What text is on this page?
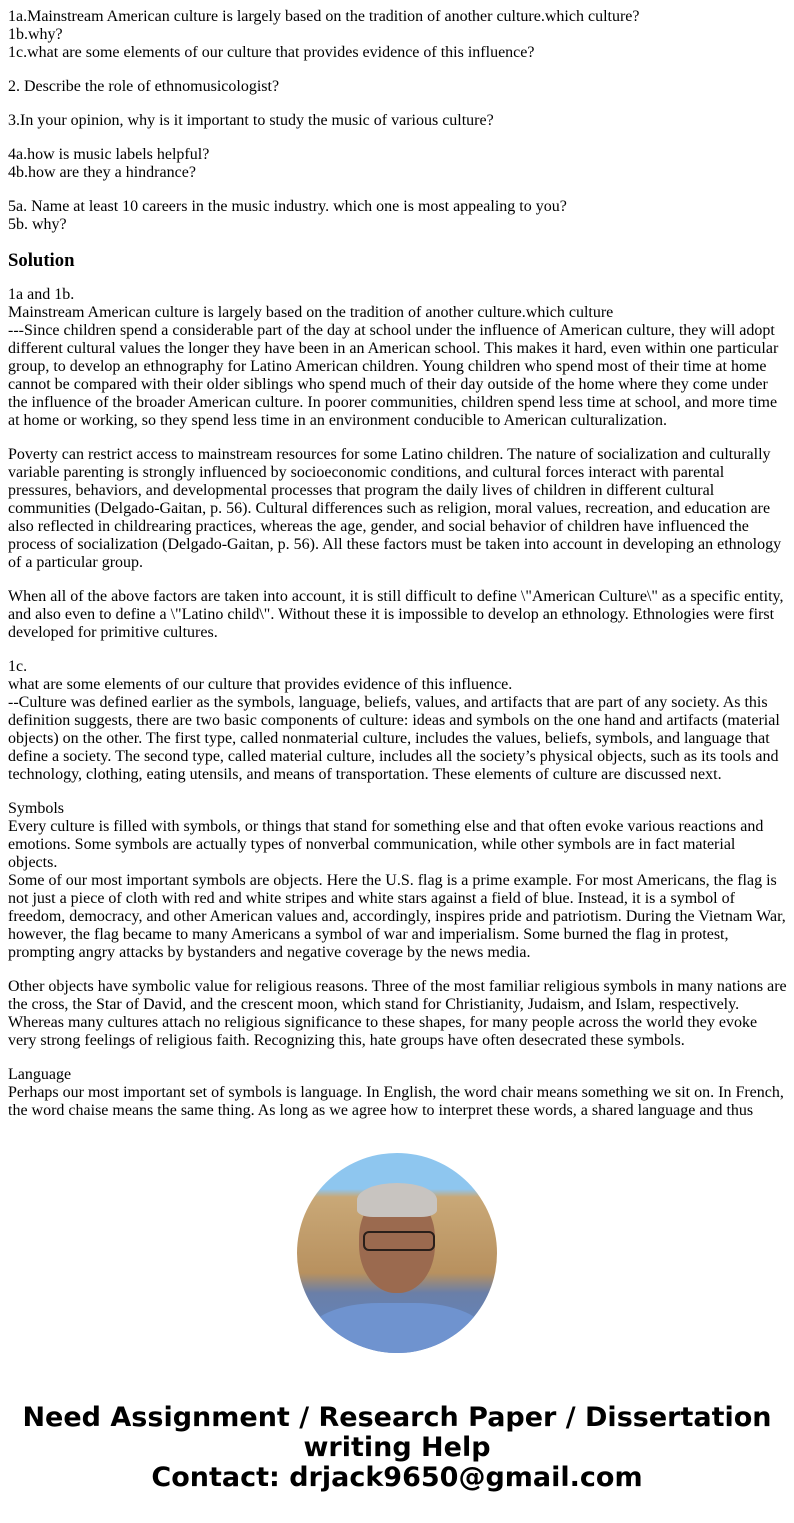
1a.Mainstream American culture is largely based on the tradition of another culture.which culture?
1b.why?
1c.what are some elements of our culture that provides evidence of this influence?

2. Describe the role of ethnomusicologist?

3.In your opinion, why is it important to study the music of various culture?

4a.how is music labels helpful?
4b.how are they a hindrance?

5a. Name at least 10 careers in the music industry. which one is most appealing to you?
5b. why?

Solution

1a and 1b.
Mainstream American culture is largely based on the tradition of another culture.which culture
---Since children spend a considerable part of the day at school under the influence of American culture, they will adopt different cultural values the longer they have been in an American school. This makes it hard, even within one particular group, to develop an ethnography for Latino American children. Young children who spend most of their time at home cannot be compared with their older siblings who spend much of their day outside of the home where they come under the influence of the broader American culture. In poorer communities, children spend less time at school, and more time at home or working, so they spend less time in an environment conducible to American culturalization.

Poverty can restrict access to mainstream resources for some Latino children. The nature of socialization and culturally variable parenting is strongly influenced by socioeconomic conditions, and cultural forces interact with parental pressures, behaviors, and developmental processes that program the daily lives of children in different cultural communities (Delgado-Gaitan, p. 56). Cultural differences such as religion, moral values, recreation, and education are also reflected in childrearing practices, whereas the age, gender, and social behavior of children have influenced the process of socialization (Delgado-Gaitan, p. 56). All these factors must be taken into account in developing an ethnology of a particular group.

When all of the above factors are taken into account, it is still difficult to define \"American Culture\" as a specific entity, and also even to define a \"Latino child\". Without these it is impossible to develop an ethnology. Ethnologies were first developed for primitive cultures.

1c.
what are some elements of our culture that provides evidence of this influence.
--Culture was defined earlier as the symbols, language, beliefs, values, and artifacts that are part of any society. As this definition suggests, there are two basic components of culture: ideas and symbols on the one hand and artifacts (material objects) on the other. The first type, called nonmaterial culture, includes the values, beliefs, symbols, and language that define a society. The second type, called material culture, includes all the society’s physical objects, such as its tools and technology, clothing, eating utensils, and means of transportation. These elements of culture are discussed next.

Symbols
Every culture is filled with symbols, or things that stand for something else and that often evoke various reactions and emotions. Some symbols are actually types of nonverbal communication, while other symbols are in fact material objects.
Some of our most important symbols are objects. Here the U.S. flag is a prime example. For most Americans, the flag is not just a piece of cloth with red and white stripes and white stars against a field of blue. Instead, it is a symbol of freedom, democracy, and other American values and, accordingly, inspires pride and patriotism. During the Vietnam War, however, the flag became to many Americans a symbol of war and imperialism. Some burned the flag in protest, prompting angry attacks by bystanders and negative coverage by the news media.

Other objects have symbolic value for religious reasons. Three of the most familiar religious symbols in many nations are the cross, the Star of David, and the crescent moon, which stand for Christianity, Judaism, and Islam, respectively. Whereas many cultures attach no religious significance to these shapes, for many people across the world they evoke very strong feelings of religious faith. Recognizing this, hate groups have often desecrated these symbols.

Language
Perhaps our most important set of symbols is language. In English, the word chair means something we sit on. In French, the word chaise means the same thing. As long as we agree how to interpret these words, a shared language and thus

Need Assignment / Research Paper / Dissertation writing Help
Contact: drjack9650@gmail.com
